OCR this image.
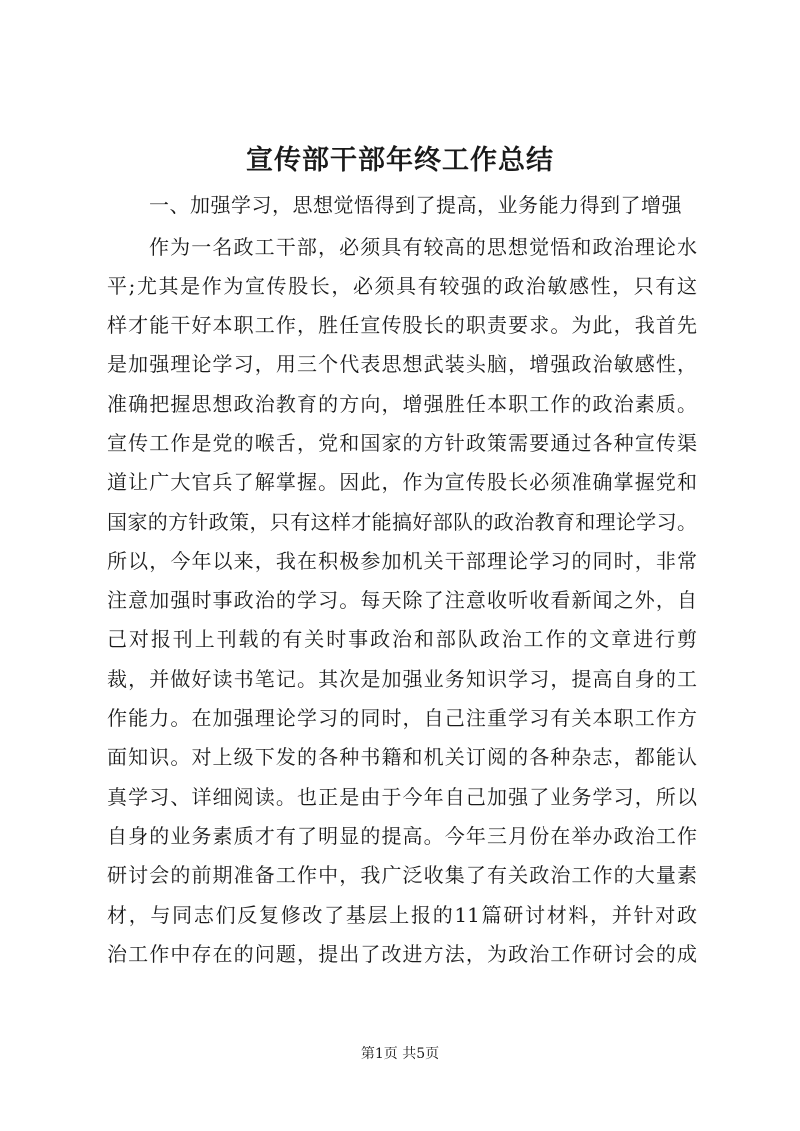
宣传部干部年终工作总结
一、加强学习，思想觉悟得到了提高，业务能力得到了增强
作为一名政工干部，必须具有较高的思想觉悟和政治理论水
平;尤其是作为宣传股长，必须具有较强的政治敏感性，只有这
样才能干好本职工作，胜任宣传股长的职责要求。为此，我首先
是加强理论学习，用三个代表思想武装头脑，增强政治敏感性，
准确把握思想政治教育的方向，增强胜任本职工作的政治素质。
宣传工作是党的喉舌，党和国家的方针政策需要通过各种宣传渠
道让广大官兵了解掌握。因此，作为宣传股长必须准确掌握党和
国家的方针政策，只有这样才能搞好部队的政治教育和理论学习。
所以，今年以来，我在积极参加机关干部理论学习的同时，非常
注意加强时事政治的学习。每天除了注意收听收看新闻之外，自
己对报刊上刊载的有关时事政治和部队政治工作的文章进行剪
裁，并做好读书笔记。其次是加强业务知识学习，提高自身的工
作能力。在加强理论学习的同时，自己注重学习有关本职工作方
面知识。对上级下发的各种书籍和机关订阅的各种杂志，都能认
真学习、详细阅读。也正是由于今年自己加强了业务学习，所以
自身的业务素质才有了明显的提高。今年三月份在举办政治工作
研讨会的前期准备工作中，我广泛收集了有关政治工作的大量素
材，与同志们反复修改了基层上报的11篇研讨材料，并针对政
治工作中存在的问题，提出了改进方法，为政治工作研讨会的成
第1页 共5页
